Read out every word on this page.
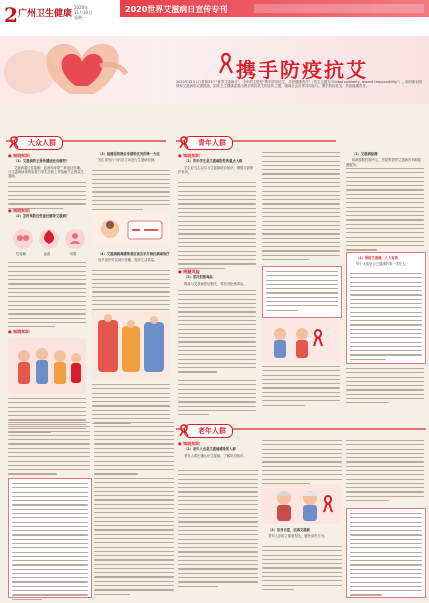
2 广州卫生健康
2020年
11月30日
星期一
2020世界艾滋病日宣传专刊
携手防疫抗艾
2020年12月1日是第33个"世界艾滋病日"，今年的主题是"携手防疫抗艾，共担健康责任"（英文主题为"Global solidarity, shared responsibility"）。面对新冠疫情和艾滋病的双重挑战，国家卫生健康委提出携手防疫抗艾的宣传主题，强调社会各界共同参与，携手防疫抗艾，共担健康责任。
大众人群	青年人群
● 知晓知识

（1）艾滋病的主要传播途径有哪些？

艾滋病通过性接触、血液和母婴三种途径传播。与艾滋病病毒感染者日常生活和工作接触不会感染艾滋病。

● 知晓知识

（2）怎样预防经性途径感染艾滋病？

性接触	血液	母婴
● 知晓知识

（3）检测是知晓自身感染状况的唯一方法

发生高危行为后应主动进行艾滋病检测。

（4）艾滋病病毒感染者应该及早开始抗病毒治疗

及早治疗可以减少传播，提高生活质量。

● 知晓知识

（1）青年学生是艾滋病防控的重点人群

学生应当主动学习艾滋病防治知识，增强自我保护意识。

● 规避风险

（2）坚决拒绝毒品

吸毒与艾滋病密切相关，要坚决拒绝毒品。

（1）艾滋病检测

疾病预防控制中心、医院等提供艾滋病咨询和检测服务。

（4）预防艾滋病，人人有责

每个人都是自己健康的第一责任人。

老年人群
● 知晓知识

（1）老年人也是艾滋病感染的人群

老年人要正确认识艾滋病，了解防治知识。

（2）洁身自爱，远离艾滋病

老年人应树立健康观念，避免高危行为。
